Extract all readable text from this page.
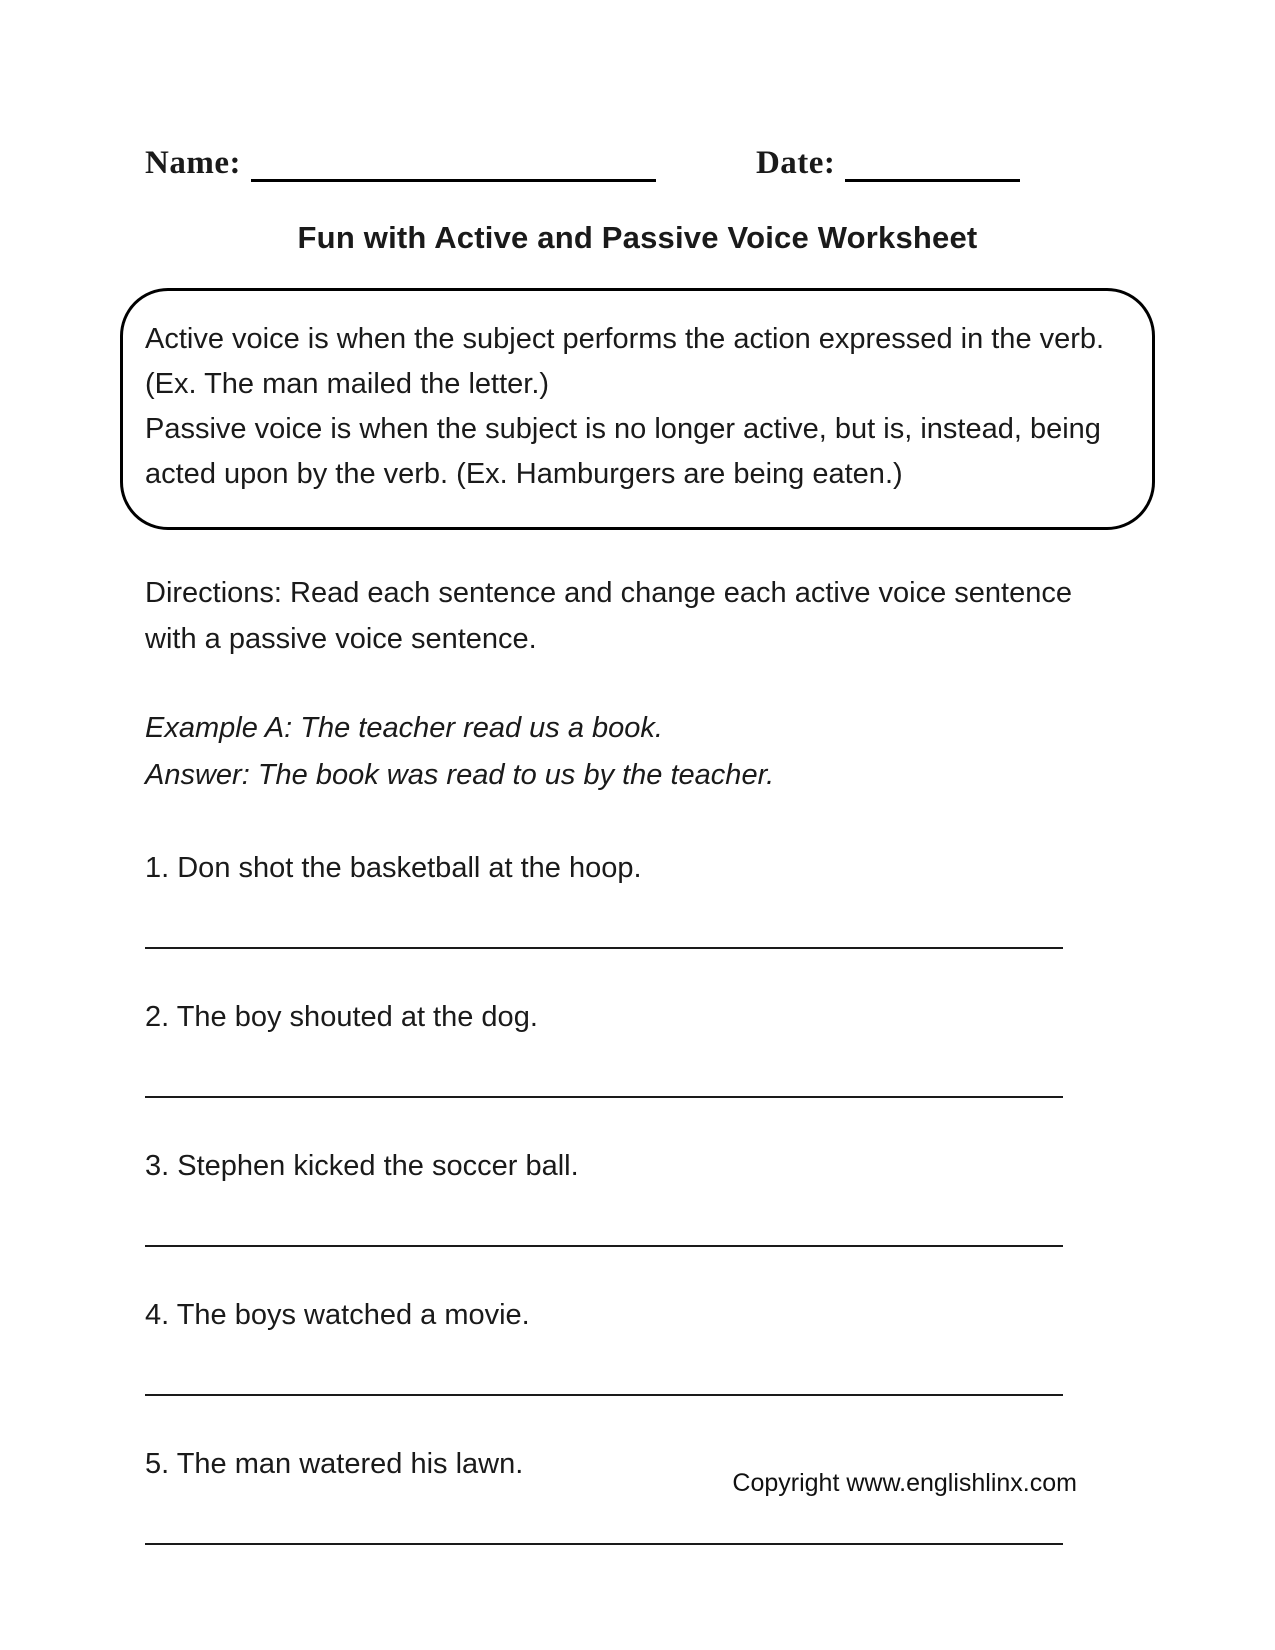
Name:	Date:
Fun with Active and Passive Voice Worksheet

Active voice is when the subject performs the action expressed in the verb. (Ex. The man mailed the letter.)

Passive voice is when the subject is no longer active, but is, instead, being acted upon by the verb. (Ex. Hamburgers are being eaten.)

Directions: Read each sentence and change each active voice sentence with a passive voice sentence.
Example A: The teacher read us a book.
Answer: The book was read to us by the teacher.
1. Don shot the basketball at the hoop.
2. The boy shouted at the dog.
3. Stephen kicked the soccer ball.
4. The boys watched a movie.
5. The man watered his lawn.
Copyright www.englishlinx.com
